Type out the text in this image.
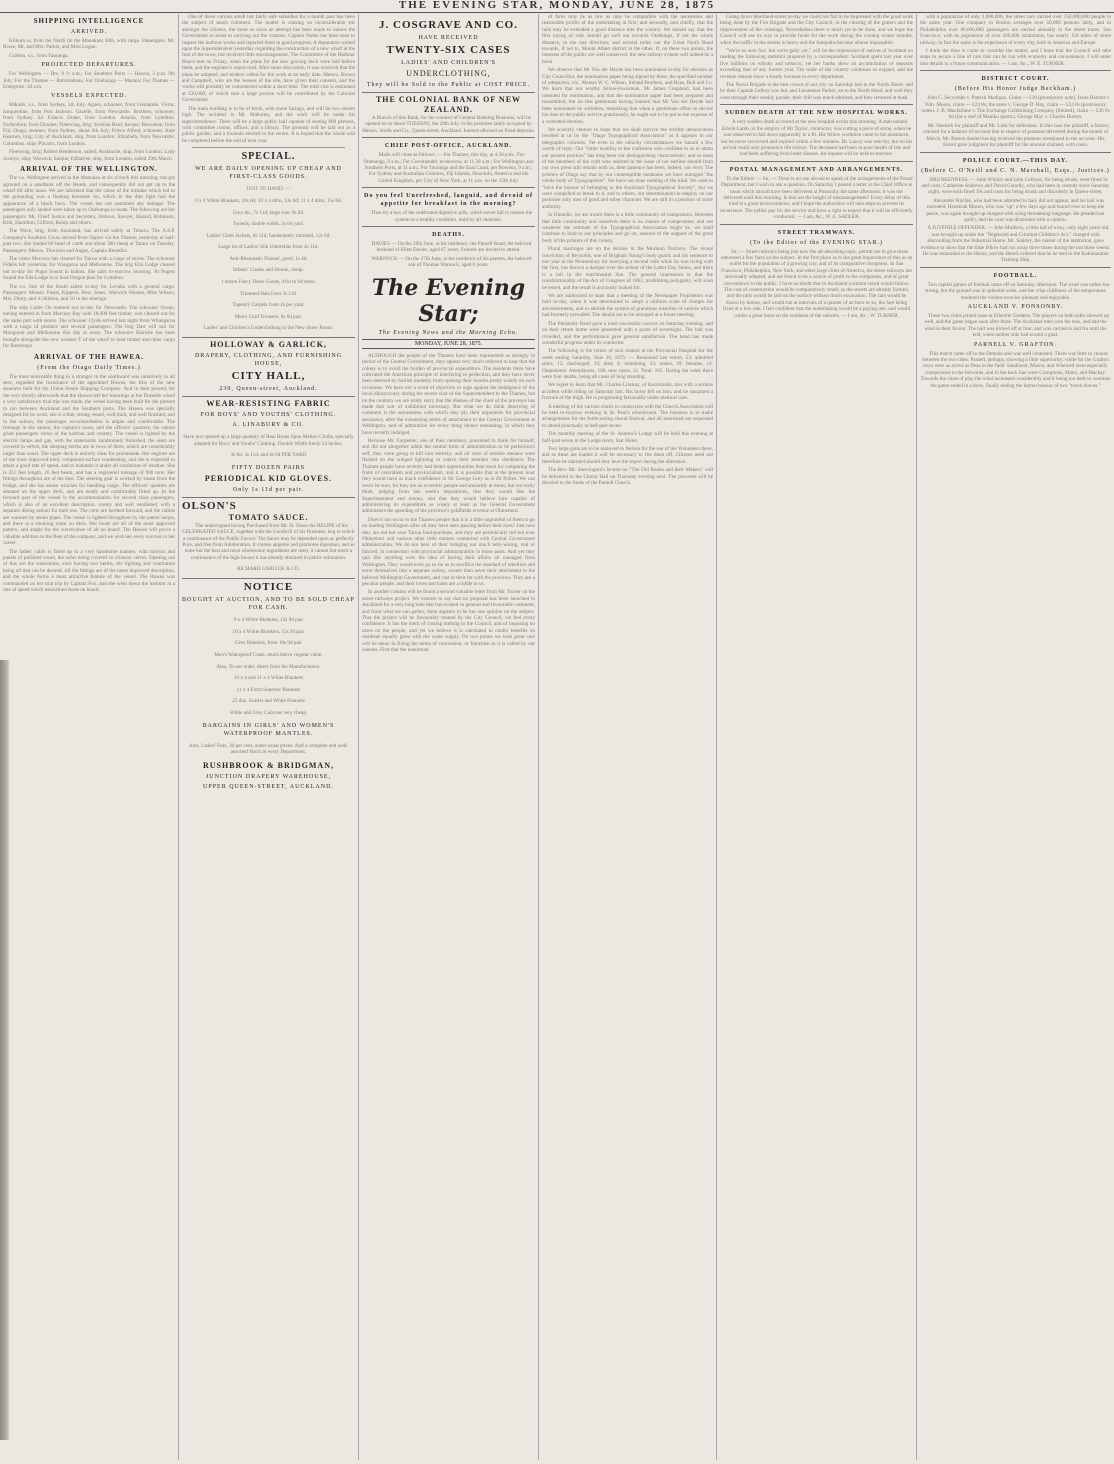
THE EVENING STAR, MONDAY, JUNE 28, 1875
SHIPPING INTELLIGENCE
ARRIVED.

Kilburn ss, from the North (in the Manukau) 30th, with cargo. Passengers: Mr. Rowe, Mr. and Mrs. Parker, and Miss Logan.

Grafton, s.s., from Tauranga.

PROJECTED DEPARTURES.

For Wellington — Drs. 9 ½ a.m.; For Southern Ports — Hawea, 3 p.m. 9th July; For the Thames — Rotomahana; For Onehunga — Manaia; For Thames — Enterprise, 10 a.m.

VESSELS EXPECTED.

Mikado, s.s., from Sydney, 5th July. Agnes, schooner, from Fremantle. Victor, barquentine, from Port Jackson. Gazelle, from Newcastle. Brothers, schooner, from Sydney. Sir Francis Drake, from London. Amelia, from Lyttelton. Forfarshire, from Dundee; Fleetwing, brig; Scottish Bard, barque; Benvenue, from Fiji; Otago, steamer, from Sydney, about 6th July; Prince Alfred, schooner; Kate Kearney, brig; City of Auckland, ship, from London; Elizabeth, from Newcastle; Columbus, ship; Pitcairn, from London.

Fleetwing, brig; Robert Henderson, sailed; Avalanche, ship, from London; Lady Jocelyn, ship; Warwick, barque; Dilharree, ship, from London, sailed 29th March.

ARRIVAL OF THE WELLINGTON.

The s.s. Wellington arrived in the Manukau at six o'clock this morning; but got aground on a sandbank off the Heads, and consequently did not get up to the wharf till after noon. We are informed that the cause of the mistake which led to the grounding was a floating kerosene tin, which in the dim light had the appearance of a black buoy. The vessel has not sustained any damage. The passengers only landed were taken up to Onehunga in boats. The following are her passengers: Mr. Chief Justice and Secretary, Dobson, Sawyer, Hazard, Robinson, Kirk, Hamilton, Gifford, Kemp and others.

The Wave, brig, from Auckland, has arrived safely at Timaru. The A.S.P. Company's Southern Cross arrived from Napier via the Thames yesterday at half-past two. She landed 60 head of cattle and about 300 sheep at Tararu on Tuesday. Passengers: Messrs. Thornton and Angus, Captain Benedict.

The cutter Mercury has cleared for Tairua with a cargo of stores. The schooner Fidelis left yesterday for Wangaroa and Melbourne. The brig Eila Lodge cleared out to-day for Puget Sound in ballast. She sails to-morrow morning. At Pugets Sound the Eila Lodge is to load Oregon pine for Lyttelton.

The s.s. Star of the South sailed to-day for Levuka with a general cargo. Passengers: Messrs. Paslis, Kippers, Bow, Jones, Warwick Weston, Miss Wilson, Mrs. Drury, and 4 children, and 10 in the steerage.

The ship Culler On entered out to-day for Newcastle. The schooner Ocean, having entered in from Mercury Bay with 18,000 feet timber, was cleared out for the same port with stores. The schooner Clyde arrived last night from Whangaroa with a cargo of produce and several passengers. The brig Dart will sail for Mongonui and Melbourne this day at noon. The schooner Blanche has been brought alongside the new western T of the wharf to load timber and other cargo for Rarotonga.

ARRIVAL OF THE HAWEA.
(From the Otago Daily Times.)

The most noticeable thing to a stranger in the southward was intuitively in all sees, regarded the luxuriance of the appointed Hawea, the first of the new steamers built for the Union Steam Shipping Company. And in their proved, for the very shortly afterwards that the Hawea left her moorings at the Dunedin wharf a very satisfactory trial trip was made, the vessel having been built for the present to run between Auckland and the Southern ports. The Hawea was specially designed for its work; she is a fine, strong vessel, well built, and well finished; and in the saloon, the passenger accommodation is ample and comfortable. The frontage in the saloon, the captain's room, and the officers' quarters, the saloon gives passengers views of the harbour and country. The vessel is lighted by the electric lamps and gas, with the staterooms handsomely furnished, the seats are covered in velvet, the sleeping berths are in rows of three, which are considerably larger than usual. The upper deck is entirely clear for promenade. Her engines are of the most improved kind, compound surface condensing, and she is expected to attain a good rate of speed, and to maintain it under all conditions of weather. She is 251 feet length, 26 feet beam, and has a registered tonnage of 900 tons. Her fittings throughout are of the best. The steering gear is worked by steam from the bridge, and she has steam winches for handling cargo. The officers' quarters are situated on the upper deck, and are neatly and comfortably fitted up. In the forward part of the vessel is the accommodation for second class passengers, which is also of an excellent description, roomy and well ventilated, with a separate dining saloon for their use. The crew are berthed forward, and the cabins are warmed by steam pipes. The vessel is lighted throughout by the patent lamps, and there is a smoking room on deck. Her boats are all of the most approved pattern, and ample for the conveyance of all on board. The Hawea will prove a valuable addition to the fleet of the company, and we wish her every success in her career.

The ladies' cabin is fitted up in a very handsome manner, with mirrors and panels of polished wood, the sofas being covered in crimson velvet. Opening out of this are the staterooms, each having two berths, the lighting and ventilation being all that can be desired. All the fittings are of the latest improved description, and the whole forms a most attractive feature of the vessel. The Hawea was commanded on her trial trip by Captain Fox, and she went down the harbour at a rate of speed which astonished those on board.

One of those curious small but fairly safe subsidies for a month past has been the subject of much comment. The matter is causing no inconsiderable stir amongst the citizens, the more so since an attempt has been made to induce the Government to assist in carrying out the contract. Captain Noble has been seen to inspect the harbour works and reported them in good progress. A deputation waited upon the Superintendent yesterday regarding the construction of a new wharf at the foot of the town, but received little encouragement. The Committee of the Harbour Board met on Friday, when the plans for the new graving dock were laid before them, and the engineer's report read. After some discussion, it was resolved that the plans be adopted, and tenders called for the work at an early date. Messrs. Brown and Campbell, who are the lessees of the site, have given their consent, and the works will probably be commenced within a short time. The total cost is estimated at £30,000, of which sum a large portion will be contributed by the Colonial Government.

The main building is to be of brick, with stone facings, and will be two stories high. The architect is Mr. Mahoney, and the work will be under his superintendence. There will be a large public hall capable of seating 800 persons, with committee rooms, offices, and a library. The grounds will be laid out as a public garden, and a fountain erected in the centre. It is hoped that the whole will be completed before the end of next year.

SPECIAL.
WE ARE DAILY OPENING UP CHEAP AND FIRST-CLASS GOODS.

JUST TO HAND: —

9 x 4 White Blankets, 10s 6d; 10 x 4 ditto, 12s 6d; 11 x 4 ditto, 15s 6d.

Grey do., 7s 11d; large size, 9s 6d.

Tweeds, double width, 2s 6d yard.

Ladies' Cloth Jackets, 8s 11d; handsomely trimmed, 12s 6d.

Large lot of Ladies' Silk Umbrellas from 4s 11d.

Anti-Rheumatic Flannel, good, 1s 4d.

Infants' Cloaks and Hoods, cheap.

1 dozen Fancy Dress Goods, 4½d to 6d dress.

Trimmed Hats from 3s 11d.

Tapestry Carpets from 2s per yard.

Men's Cord Trousers, 6s 6d pair.

Ladies' and Children's Underclothing in the New Show Room.

HOLLOWAY & GARLICK,
DRAPERY, CLOTHING, AND FURNISHING HOUSE,
CITY HALL,
230, Queen-street, Auckland.
WEAR-RESISTING FABRIC
FOR BOYS' AND YOUTHS' CLOTHING.
A. LINABURY & CO.

Have just opened up a large quantity of Real Home Spun Melton Cloths, specially adapted for Boys' and Youths' Clothing. Double Width freely 54 inches.

3s 6d, 3s 11d, and 4s 6d PER YARD

FIFTY DOZEN PAIRS
PERIODICAL KID GLOVES.
Only 1s 11d per pair.
OLSON'S
TOMATO SAUCE.

The undersigned having Purchased from Mr. H. Olson the RECIPE of his CELEBRATED SAUCE, together with the Goodwill of his Business, beg to solicit a continuance of the Public Favour. The Sauce may be depended upon as perfectly Pure, and free from Adulteration. It creates appetite and promotes digestion, and as none but the best and most wholesome ingredients are used, it cannot but merit a continuance of the high favour it has already obtained in public estimation.

RICHARD GARLICK & CO.

NOTICE
BOUGHT AT AUCTION, AND TO BE SOLD CHEAP FOR CASH.

9 x 4 White Blankets, 12s 9d pair

10 x 4 White Blankets, 15s 9d pair

Grey Blankets, from 10s 9d pair

Men's Waterproof Coats, much below regular value.

Also, To our order, direct from the Manufacturers:

10 x 4 and 11 x 4 White Blankets

11 x 4 Extra Superior Blankets

25 doz. Scarlet and White Flannels

White and Grey Calicoes very cheap.

BARGAINS IN GIRLS' AND WOMEN'S WATERPROOF MANTLES.

Also, Ladies' Furs, 30 per cent. under usual prices. And a complete and well-assorted Stock in every Department.

RUSHBROOK & BRIDGMAN,
JUNCTION DRAPERY WAREHOUSE,
UPPER QUEEN-STREET, AUCKLAND.
J. COSGRAVE AND CO.
HAVE RECEIVED
TWENTY-SIX CASES
LADIES' AND CHILDREN'S
UNDERCLOTHING,
They will be Sold to the Public at COST PRICE.
THE COLONIAL BANK OF NEW ZEALAND.

A Branch of this Bank, for the conduct of General Banking Business, will be opened on or about TUESDAY, the 29th July, in the premises lately occupied by Messrs. Smith and Co., Queen-street, Auckland. Interest allowed on fixed deposits.

CHIEF POST-OFFICE, AUCKLAND.

Mails will close as follows: — For Thames, this day, at 4.30 p.m.; For Onehunga, 9 a.m.; For Coromandel, to-morrow, at 11.30 a.m.; For Wellington and Southern Ports, at 11 a.m.; For Tauranga and the East Coast, per Rowena, 9 a.m.; For Sydney and Australian Colonies, Fiji Islands, Honolulu, America and the United Kingdom, per City of New York, at 11 a.m. on the 15th July.

Do you feel Unrefreshed, languid, and devoid of appetite for breakfast in the morning?

Then try a box of the celebrated digestive pills, which never fail to restore the system to a healthy condition. Sold by all chemists.

DEATHS.

DAVIES — On the 26th June, at his residence, the Parnell Road, the beloved husband of Ellen Davies, aged 67 years. Friends are invited to attend.

WARNOCK — On the 27th June, at the residence of his parents, the beloved son of Thomas Warnock, aged 6 years.

The Evening Star;
The Evening News and the Morning Echo.
MONDAY, JUNE 28, 1875.

ALTHOUGH the people of the Thames have been represented as strongly in favour of the Central Government, they appear very much relieved to hear that the colony is to avoid the burden of provincial expenditure. The residents there have cultivated the American principle of interfering to perfection, and they have never been deterred by foolish modesty from opening their mouths pretty widely on such occasions. We have not a word of objection to urge against the indulgence of the local idiosyncrasy during the recent visit of the Superintendent to the Thames, but on the contrary we are really sorry that the disease of the chest of the province has made that sort of exhibition necessary. But what we do think deserving of comment is the earnestness with which they ply their arguments for provincial assistance, after the exhausting terms of attachment to the Central Government at Wellington, nod of admiration for every thing thence emanating, in which they have recently indulged.

Because Mr. Carpenter, one of their members, presumed to think for himself, and did not altogether admit the central form of administration to be perfection's self, they were going to kill him entirely; and all sorts of terrible menace were flashed on the winged lightning to coerce their member into obedience. The Thames people have recently had better opportunities than most for comparing the fruits of centralism and provincialism, and it is possible that at the present hour they would have as much confidence in Sir George Grey as in Dr Pollen. We can never be sure, for they are an eccentric people and smoothly at times; but we really think, judging from last week's deputations, that they would like the Superintendent and money, and that they would believe him capable of administering its expenditure as wisely at least as the General Government administers the spending of the province's goldfields revenue at Ohinemuri.

Does it not occur to the Thames people that it is a little ungrateful of them to go on lauding Wellington after all they have seen passing before their eyes? Just now they are red hot over Tairua land-purchase, and they are periodically red hot over Ohinemuri and various other little matters connected with Central Government administration. We do not hear of their bringing out much telly-wising, real or fancied, in connection with provincial administration in those parts. And yet they quit like anything over the idea of having their affairs all managed from Wellington. They would even go so far as to sacrifice the standard of rebellion and enrol themselves into a separate colony, sooner than sever their attachment to the beloved Wellington Government, and cast in their lot with the province. They are a peculiar people, and their loves and hates are a riddle to us.

In another column will be found a second valuable letter from Mr. Turner on the street railways project. We venture to say that no proposal has been launched in Auckland for a very long time that has evoked so general and favourable comment, and from what we can gather, there appears to be but one opinion on the subject. That the project will be favourably treated by the City Council, we feel every confidence. It has the merit of costing nothing to the Council, and of imposing no taxes on the people, and yet we believe it is calculated to confer benefits on residents equally great with the water supply. On two points we trust great care will be taken in fixing the terms of concession, or franchise as it is called by our cousins. First that the maximum

of fares may be as low as may be compatible with the necessities and reasonable profits of the undertaking at first; and secondly, and chiefly, that the rails may be extended a good distance into the country. We should say that the first laying of rails should go well out towards Onehunga, if not the whole distance, in the one direction; and several miles out the Great North Road towards, if not to, Mount Albert district in the other. If, on these two points, the interests of the public are well conserved, the new railway system will indeed be a boon.

We observe that Mr Von der Heyde has been nominated to-day for election as City Councillor, the nomination paper being signed by three, the specified number of ratepayers, viz., Messrs W. C. Wilson, Ireland Brothers, and Byas, Bell and Co. We learn that our worthy fellow-townsman, Mr James Coupland, had been intended for nomination, and that the nomination paper had been prepared and transmitted; but on that gentleman having learned that Mr Von der Heyde had been nominated he withdrew, remarking that when a gentleman offers to devote his time to the public service gratuitously, he ought not to be put to the expense of a contested election.

We scarcely venture to hope that we shall survive the terrible denunciation levelled at us by the "Otago Typographical Association" as it appears in our telegraphic columns. Yet even in the unlucky circumstances we hazard a few words of reply. Our "bitter hostility to the craftsmen who confided to us to attain our present position" has long been our distinguishing characteristic, and so most of the members of the craft who assisted in the issue of our earliest should from our own press still remain with us, their patience has been, indeed, our envy. The printers of Otago say that by our contemptible meanness we have outraged "the whole body of Typographists". We have not done nothing of the kind. We used to "have the honour of belonging to the Auckland Typographical Society", but we were compelled to break to it, and to others, our determination to employ on our premises only men of good and sober character. We are still in a position of some authority.

In Dunedin, we are aware there is a little community of compositors. Between that little community and ourselves there is no chance of compromise; and not whatever the estimate of the Typographical Association might be, we shall continue to hold to our principles and go on, assured of the support of the great body of the printers of this colony.

Plural marriages are on the decline in the Mormon Territory. The recent conviction of Reynolds, one of Brigham Young's body guard, and his sentence to one year in the Penitentiary for marrying a second wife while he was living with the first, has thrown a damper over the ardour of the Latter Day Saints, and there is a lull in the matrimonial line. The general impression is that the constitutionality of the Act of Congress of 1862, prohibiting polygamy, will soon be tested, and the result is anxiously looked for.

We are authorised to state that a meeting of the Newspaper Proprietors was held to-day, when it was determined to adopt a uniform scale of charges for advertisements, and to abolish the system of gratuitous insertion of notices which had formerly prevailed. The details are to be arranged at a future meeting.

The Ponsonby Band gave a most successful concert on Saturday evening, and on their return home were presented with a purse of sovereigns. The hall was crowded, and the performance gave general satisfaction. The band has made wonderful progress under its conductor.

The following is the return of sick treated at the Provincial Hospital for the week ending Saturday, June 26, 1875: — Remained last return, 53; admitted since, 12; discharged, 10; died, 4; remaining, 53; males, 39; females, 14. Outpatients: Attendances, 106; new cases, 12. Total: 165. During the week there were four deaths, being all cases of long standing.

We regret to learn that Mr. Charles Lindsay, of Kororareka, met with a serious accident while riding on Saturday last. His horse fell on him, and he sustained a fracture of the thigh. He is progressing favourably under medical care.

A meeting of the various choirs in connection with the Church Association will be held to-morrow evening in St. Paul's schoolroom. The business is to make arrangements for the forthcoming choral festival, and all interested are requested to attend punctually at half-past seven.

The monthly meeting of the St. Andrew's Lodge will be held this evening at half-past seven in the Lodge room, Star Hotel.

Two large guns are to be removed to Nelson for the use of the Volunteers there, and as these are loaded it will be necessary to fire them off. Citizens need not therefore be alarmed should they hear the report during the afternoon.

The Rev. Mr. Sherrington's lecture on "The Old Books and their Makers" will be delivered in the Choral Hall on Thursday evening next. The proceeds will be devoted to the funds of the Parnell Church.

Going down Shortland-street to-day we could not fail to be impressed with the good work being done by the Fire Brigade and the City Council, in the clearing of the gutters and the improvement of the crossings. Nevertheless there is much yet to be done, and we hope the Council will see its way to provide funds for the work during the coming winter months, when the traffic in the streets is heavy and the footpaths become almost impassable.

"We're no sure fou', but we're gaily yet," will be the impression of natives of Scotland on reading the following statistics prepared by a correspondent: Scotland spent last year over five millions on whisky and tobacco, yet her banks show an accumulation of deposits exceeding that of any former year. The trade of the country continues to expand, and the revenue returns show a steady increase in every department.

The Naval Brigade is the best crowd of our city on Saturday last in the North Shore; and by their Captain Lelboy was led, and Lieutenant Parker, on to the North Head; and well they went through their weekly parade; their drill was much admired, and they returned at dusk.

SUDDEN DEATH AT THE NEW HOSPITAL WORKS.

A very sudden death occurred at the new hospital works this morning. A man named Edwin Lamb, in the employ of Mr Taylor, contractor, was cutting a piece of stone, when he was observed to fall down apparently in a fit. His fellow workmen came to his assistance, but he never recovered and expired within a few minutes. Dr. Lawry was sent for, but on his arrival could only pronounce life extinct. The deceased had been in poor health of late and had been suffering from heart disease. An inquest will be held to-morrow.

POSTAL MANAGEMENT AND ARRANGEMENTS.

To the Editor: — Sir, — There is no use abroad to speak of the arrangements of the Postal Department, but I wish to ask a question. On Saturday I posted a letter at the Chief Office at noon which should have been delivered at Ponsonby the same afternoon; it was not delivered until this morning. Is this not the height of mismanagement? Every delay of this kind is a great inconvenience, and I hope the authorities will take steps to prevent its recurrence. The public pay for the service and have a right to expect that it will be efficiently conducted. — I am, &c., W. E. SADLER.

STREET TRAMWAYS.
(To the Editor of the EVENING STAR.)

Sir, — Street railways being just now the all-absorbing topic, permit me to give those interested a few facts on the subject. In the first place as to the great importance of this as an outlet for the population of a growing city, and of its comparative cheapness. In San Francisco, Philadelphia, New York, and other large cities of America, the street railways are universally adopted, and are found to be a source of profit to the companies, and of great convenience to the public. I have no doubt that in Auckland a similar result would follow. The cost of construction would be comparatively small, as the streets are already formed, and the rails would be laid on the surface without much excavation. The cars would be drawn by horses, and would run at intervals of a quarter of an hour or so, the fare being fixed at a low rate. I feel confident that the undertaking would be a paying one, and would confer a great boon on the residents of the suburbs. — I am, &c., W. TURNER.

with a population of only 1,000,000, the street cars carried over 150,000,000 people in the same year. One company in Boston averages over 50,000 persons daily, and in Philadelphia over 80,000,000 passengers are carried annually in the street trams. San Francisco, with its population of over 200,000 inhabitants, has nearly 150 miles of street railway; in fact the same is the experience of every city, both in America and Europe.

I think the time is come to consider the matter, and I hope that the Council will take steps to secure a line of cars that can be run with economy and convenience. I will enter into details in a future communication. — I am, &c., W. E. TURNER.

DISTRICT COURT.
(Before His Honor Judge Beckham.)

John C. Seccombe v. Patrick Madigan. Claim — £30 (promissory note). Issue Barnett v. Wm. Moore, claim — £24 8s; the same v. George D. Hay, claim — £24 8s (promissory notes). J. B. Macfarlane v. The Exchange Goldmining Company (limited), claim — £36 6s 6d (for a reef of Maniku quartz). George May v. Charles Burton.

Mr. Hesketh for plaintiff and Mr. Lusk for defendant. In this case the plaintiff, a farmer, claimed for a balance of account due in respect of potatoes delivered during the month of March. Mr. Burton denied having received the potatoes mentioned in the account. His Honor gave judgment for plaintiff for the amount claimed, with costs.

POLICE COURT.—THIS DAY.
(Before C. O'Neill and C. N. Marshall, Esqs., Justices.)

DRUNKENNESS. — John Whitier and John Collison, for being drunk, were fined 5s and costs. Catherine Andrews and David Conolly, who had been in custody since Saturday night, were each fined 10s and costs for being drunk and disorderly in Queen-street.

Alexander Ritchie, who had been admitted to bail, did not appear, and his bail was estreated. Hezekiah Mason, who was "up" a few days ago and bound over to keep the peace, was again brought up charged with using threatening language. He pleaded not guilty, and the case was dismissed with a caution.

A JUVENILE OFFENDER. — John Mulhern, a little kid of a boy, only eight years old, was brought up under the "Neglected and Criminal Children's Act," charged with absconding from the Industrial Home. Mr. Sinkley, the master of the institution, gave evidence to show that the little fellow had run away three times during the last three weeks. He was remanded to the Home, and the Bench ordered that he be sent to the Kohimarama Training Ship.

FOOTBALL.

Two capital games of football came off on Saturday afternoon. The wind was rather too strong, but the ground was in splendid order, and the crisp chilliness of the temperature rendered the violent exercise pleasant and enjoyable.

AUCKLAND V. PONSONBY.

These two clubs joined issue at Ellerslie Gardens. The players on both sides showed up well, and the game began soon after three. The Auckland men won the toss, and had the wind in their favour. The ball was kicked off at four, and was carried to and fro until the end, when neither side had scored a goal.

PARNELL V. GRAFTON.

This match came off in the Domain and was well contested. There was little to choose between the two sides. Parnell, perhaps, showing a little superiority; while for the Grafton boys were as active as fleas in the field. Sandhurst, Mason, and Whewell were especially conspicuous in the forwards, and in the back line were Cromptons, Mann, and Mackay. Towards the close of play the wind increased considerably and it being too dark to continue the game ended in a draw, finally ending the barren honour of two "touch downs."
